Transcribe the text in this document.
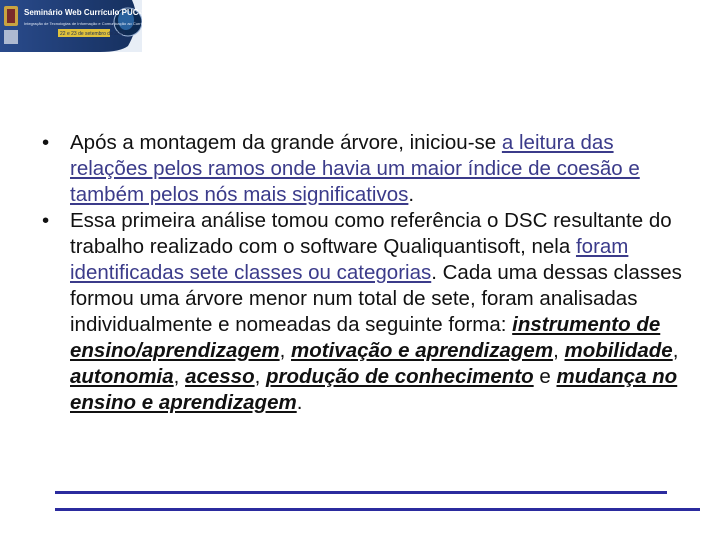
Seminário Web Currículo PUC-SP
Integração de Tecnologias de Informação e Comunicação ao Currículo
22 e 23 de setembro de 2008
• Após a montagem da grande árvore, iniciou-se a leitura das relações pelos ramos onde havia um maior índice de coesão e também pelos nós mais significativos.
• Essa primeira análise tomou como referência o DSC resultante do trabalho realizado com o software Qualiquantisoft, nela foram identificadas sete classes ou categorias. Cada uma dessas classes formou uma árvore menor num total de sete, foram analisadas individualmente e nomeadas da seguinte forma: instrumento de ensino/aprendizagem, motivação e aprendizagem, mobilidade, autonomia, acesso, produção de conhecimento e mudança no ensino e aprendizagem.
